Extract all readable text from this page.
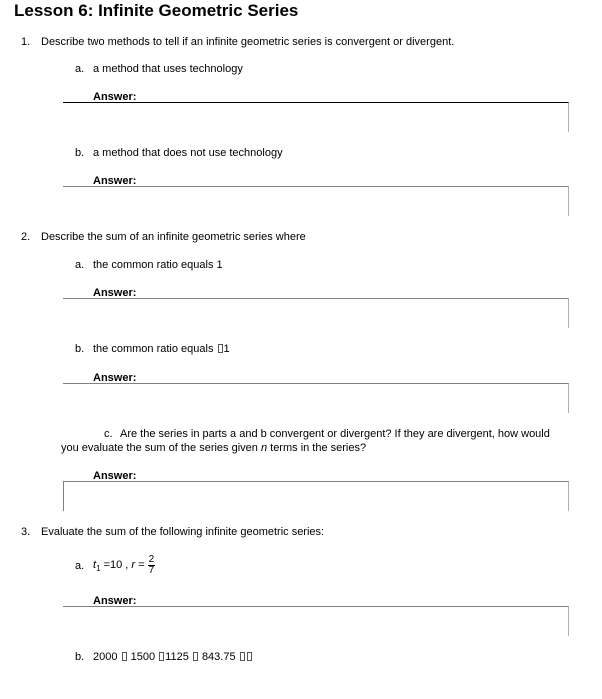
Lesson 6: Infinite Geometric Series
1. Describe two methods to tell if an infinite geometric series is convergent or divergent.
a. a method that uses technology
Answer:
b. a method that does not use technology
Answer:
2. Describe the sum of an infinite geometric series where
a. the common ratio equals 1
Answer:
b. the common ratio equals 1
Answer:
c. Are the series in parts a and b convergent or divergent? If they are divergent, how would
you evaluate the sum of the series given n terms in the series?
Answer:
3. Evaluate the sum of the following infinite geometric series:
a. $t_1 =10$ , $r = \frac{2}{7}$
Answer:
b. 2000 1500 1125 843.75
